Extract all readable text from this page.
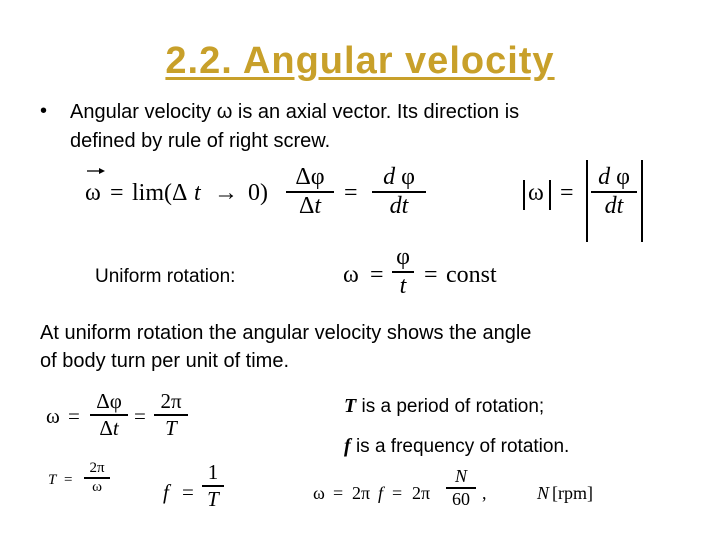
2.2. Angular velocity
• Angular velocity ω is an axial vector. Its direction is
defined by rule of right screw.
ω = lim(Δ t → 0)
Δφ
Δt =
d φ
dt	ω =
d φ
dt
Uniform rotation:	ω =
φ
t = const
At uniform rotation the angular velocity shows the angle
of body turn per unit of time.
ω =
Δφ
Δt =
2π
T
T is a period of rotation;
f is a frequency of rotation.
T =
2π
ω	f =
1
T	ω = 2π f = 2π
N
60 ,	N [rpm]
